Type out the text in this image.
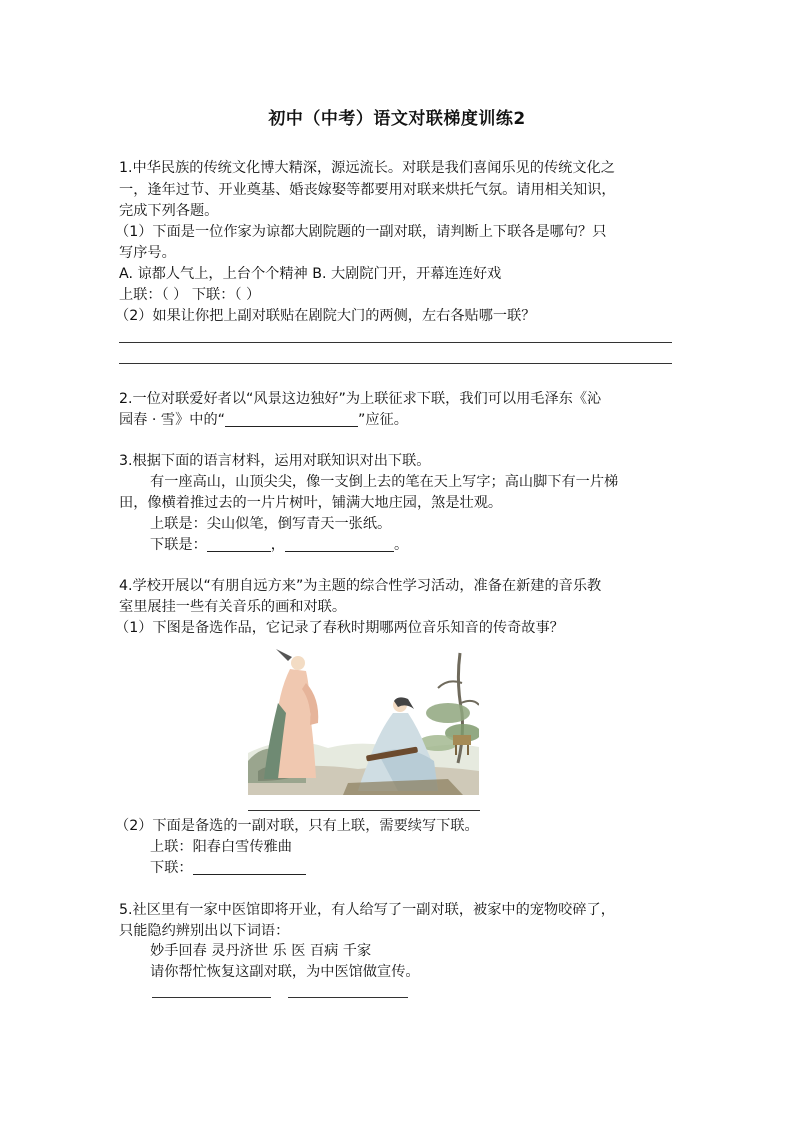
初中（中考）语文对联梯度训练2
1.中华民族的传统文化博大精深，源远流长。对联是我们喜闻乐见的传统文化之
一，逢年过节、开业奠基、婚丧嫁娶等都要用对联来烘托气氛。请用相关知识，
完成下列各题。
（1）下面是一位作家为谅都大剧院题的一副对联，请判断上下联各是哪句？只
写序号。
A. 谅都人气上，上台个个精神 B. 大剧院门开，开幕连连好戏
上联：（ ） 下联：（ ）
（2）如果让你把上副对联贴在剧院大门的两侧，左右各贴哪一联？
2.一位对联爱好者以“风景这边独好”为上联征求下联，我们可以用毛泽东《沁
园春 · 雪》中的“	”应征。
3.根据下面的语言材料，运用对联知识对出下联。
有一座高山，山顶尖尖，像一支倒上去的笔在天上写字；高山脚下有一片梯
田，像横着推过去的一片片树叶，铺满大地庄园，煞是壮观。
上联是：尖山似笔，倒写青天一张纸。
下联是：	，	。
4.学校开展以“有朋自远方来”为主题的综合性学习活动，准备在新建的音乐教
室里展挂一些有关音乐的画和对联。
（1）下图是备选作品，它记录了春秋时期哪两位音乐知音的传奇故事？
（2）下面是备选的一副对联，只有上联，需要续写下联。
上联：阳春白雪传雅曲
下联：
5.社区里有一家中医馆即将开业，有人给写了一副对联，被家中的宠物咬碎了，
只能隐约辨别出以下词语：
妙手回春 灵丹济世 乐 医 百病 千家
请你帮忙恢复这副对联，为中医馆做宣传。
